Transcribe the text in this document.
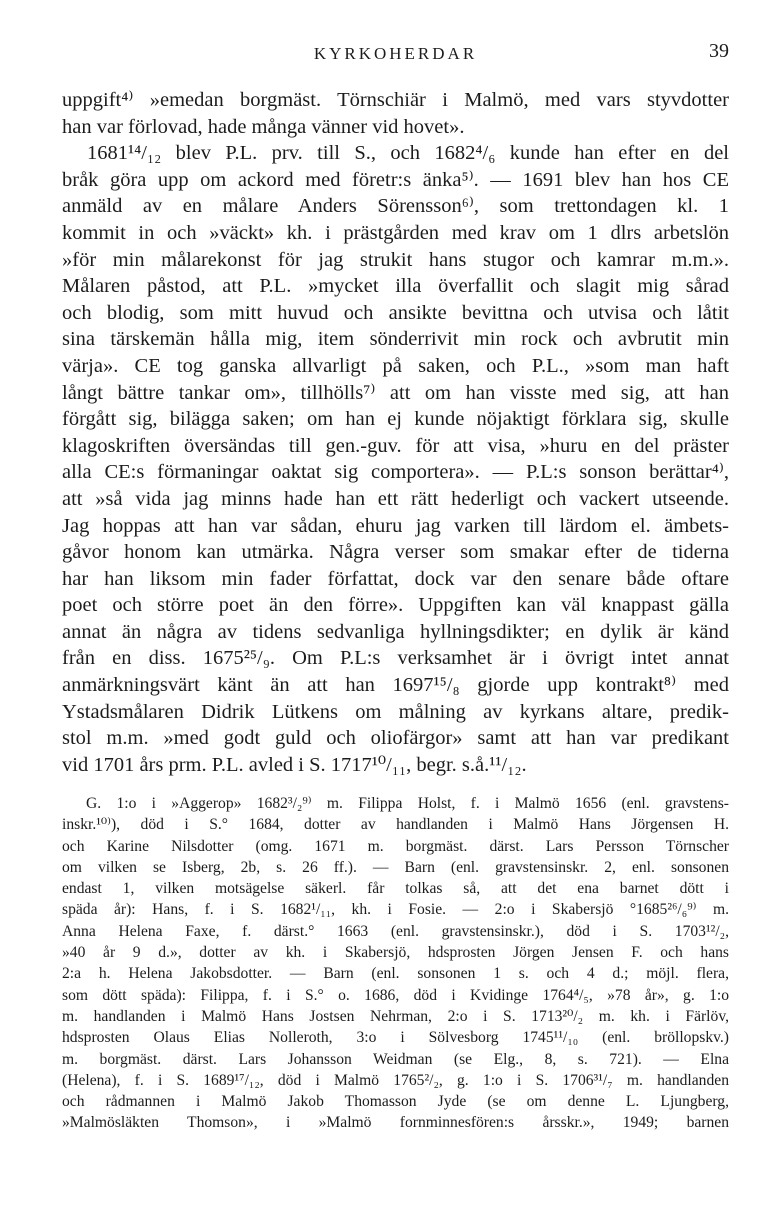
KYRKOHERDAR	39
uppgift⁴⁾ »emedan borgmäst. Törnschiär i Malmö, med vars styvdotter
han var förlovad, hade många vänner vid hovet».
1681¹⁴/₁₂ blev P.L. prv. till S., och 1682⁴/₆ kunde han efter en del
bråk göra upp om ackord med företr:s änka⁵⁾. — 1691 blev han hos CE
anmäld av en målare Anders Sörensson⁶⁾, som trettondagen kl. 1
kommit in och »väckt» kh. i prästgården med krav om 1 dlrs arbetslön
»för min målarekonst för jag strukit hans stugor och kamrar m.m.».
Målaren påstod, att P.L. »mycket illa överfallit och slagit mig sårad
och blodig, som mitt huvud och ansikte bevittna och utvisa och låtit
sina tärskemän hålla mig, item sönderrivit min rock och avbrutit min
värja». CE tog ganska allvarligt på saken, och P.L., »som man haft
långt bättre tankar om», tillhölls⁷⁾ att om han visste med sig, att han
förgått sig, bilägga saken; om han ej kunde nöjaktigt förklara sig, skulle
klagoskriften översändas till gen.-guv. för att visa, »huru en del präster
alla CE:s förmaningar oaktat sig comportera». — P.L:s sonson berättar⁴⁾,
att »så vida jag minns hade han ett rätt hederligt och vackert utseende.
Jag hoppas att han var sådan, ehuru jag varken till lärdom el. ämbets-
gåvor honom kan utmärka. Några verser som smakar efter de tiderna
har han liksom min fader författat, dock var den senare både oftare
poet och större poet än den förre». Uppgiften kan väl knappast gälla
annat än några av tidens sedvanliga hyllningsdikter; en dylik är känd
från en diss. 1675²⁵/₉. Om P.L:s verksamhet är i övrigt intet annat
anmärkningsvärt känt än att han 1697¹⁵/₈ gjorde upp kontrakt⁸⁾ med
Ystadsmålaren Didrik Lütkens om målning av kyrkans altare, predik-
stol m.m. »med godt guld och oliofärgor» samt att han var predikant
vid 1701 års prm. P.L. avled i S. 1717¹⁰/₁₁, begr. s.å.¹¹/₁₂.
G. 1:o i »Aggerop» 1682³/₂⁹⁾ m. Filippa Holst, f. i Malmö 1656 (enl. gravstens-
inskr.¹⁰⁾), död i S.° 1684, dotter av handlanden i Malmö Hans Jörgensen H.
och Karine Nilsdotter (omg. 1671 m. borgmäst. därst. Lars Persson Törnscher
om vilken se Isberg, 2b, s. 26 ff.). — Barn (enl. gravstensinskr. 2, enl. sonsonen
endast 1, vilken motsägelse säkerl. får tolkas så, att det ena barnet dött i
späda år): Hans, f. i S. 1682¹/₁₁, kh. i Fosie. — 2:o i Skabersjö °1685²⁶/₆⁹⁾ m.
Anna Helena Faxe, f. därst.° 1663 (enl. gravstensinskr.), död i S. 1703¹²/₂,
»40 år 9 d.», dotter av kh. i Skabersjö, hdsprosten Jörgen Jensen F. och hans
2:a h. Helena Jakobsdotter. — Barn (enl. sonsonen 1 s. och 4 d.; möjl. flera,
som dött späda): Filippa, f. i S.° o. 1686, död i Kvidinge 1764⁴/₅, »78 år», g. 1:o
m. handlanden i Malmö Hans Jostsen Nehrman, 2:o i S. 1713²⁰/₂ m. kh. i Färlöv,
hdsprosten Olaus Elias Nolleroth, 3:o i Sölvesborg 1745¹¹/₁₀ (enl. bröllopskv.)
m. borgmäst. därst. Lars Johansson Weidman (se Elg., 8, s. 721). — Elna
(Helena), f. i S. 1689¹⁷/₁₂, död i Malmö 1765²/₂, g. 1:o i S. 1706³¹/₇ m. handlanden
och rådmannen i Malmö Jakob Thomasson Jyde (se om denne L. Ljungberg,
»Malmösläkten Thomson», i »Malmö fornminnesfören:s årsskr.», 1949; barnen
